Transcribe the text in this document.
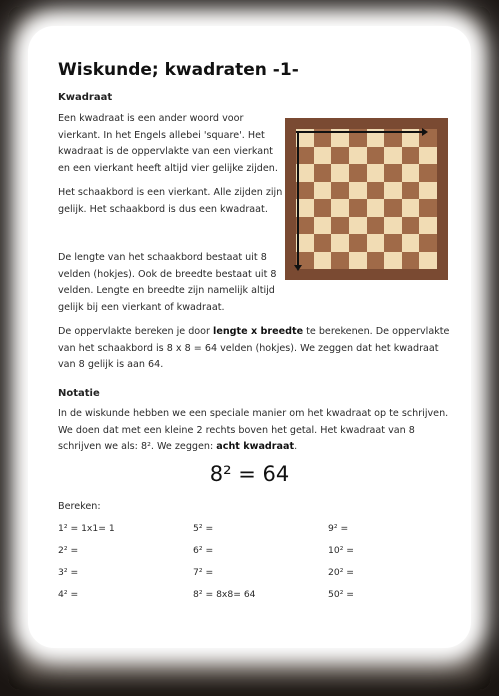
Wiskunde; kwadraten -1-
Kwadraat

Een kwadraat is een ander woord voor vierkant. In het Engels allebei 'square'. Het kwadraat is de oppervlakte van een vierkant en een vierkant heeft altijd vier gelijke zijden.

Het schaakbord is een vierkant. Alle zijden zijn gelijk. Het schaakbord is dus een kwadraat.

De lengte van het schaakbord bestaat uit 8 velden (hokjes). Ook de breedte bestaat uit 8 velden. Lengte en breedte zijn namelijk altijd gelijk bij een vierkant of kwadraat.

De oppervlakte bereken je door lengte x breedte te berekenen. De oppervlakte van het schaakbord is 8 x 8 = 64 velden (hokjes). We zeggen dat het kwadraat van 8 gelijk is aan 64.

Notatie

In de wiskunde hebben we een speciale manier om het kwadraat op te schrijven. We doen dat met een kleine 2 rechts boven het getal. Het kwadraat van 8 schrijven we als: 8². We zeggen: acht kwadraat.

8² = 64

Bereken:

1² = 1x1= 1

2² =

3² =

4² =

5² =

6² =

7² =

8² = 8x8= 64

9² =

10² =

20² =

50² =
